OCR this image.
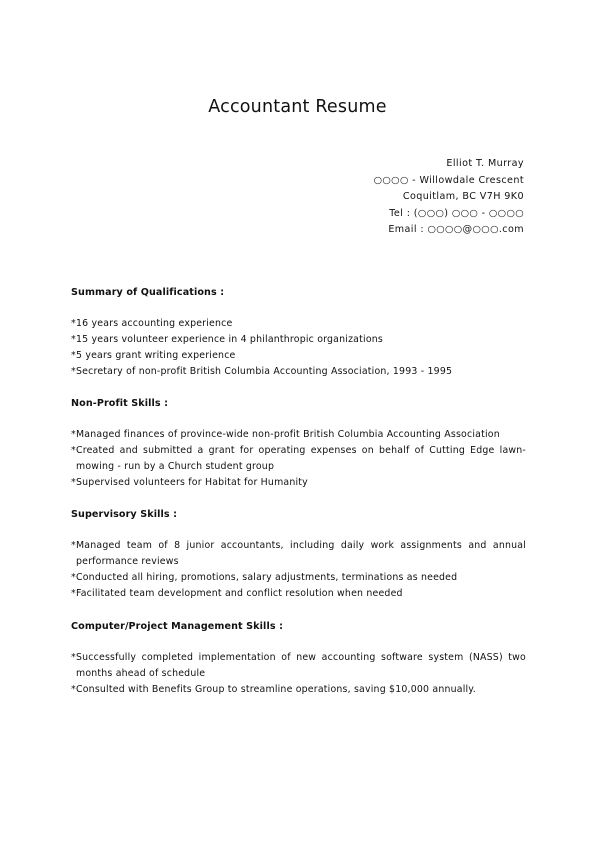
Accountant Resume
Elliot T. Murray
○○○○ - Willowdale Crescent
Coquitlam, BC V7H 9K0
Tel : (○○○) ○○○ - ○○○○
Email : ○○○○@○○○.com
Summary of Qualifications :
*16 years accounting experience
*15 years volunteer experience in 4 philanthropic organizations
*5 years grant writing experience
*Secretary of non-profit British Columbia Accounting Association, 1993 - 1995
Non-Profit Skills :
*Managed finances of province-wide non-profit British Columbia Accounting Association
*Created and submitted a grant for operating expenses on behalf of Cutting Edge lawn-mowing - run by a Church student group
*Supervised volunteers for Habitat for Humanity
Supervisory Skills :
*Managed team of 8 junior accountants, including daily work assignments and annual performance reviews
*Conducted all hiring, promotions, salary adjustments, terminations as needed
*Facilitated team development and conflict resolution when needed
Computer/Project Management Skills :
*Successfully completed implementation of new accounting software system (NASS) two months ahead of schedule
*Consulted with Benefits Group to streamline operations, saving $10,000 annually.
